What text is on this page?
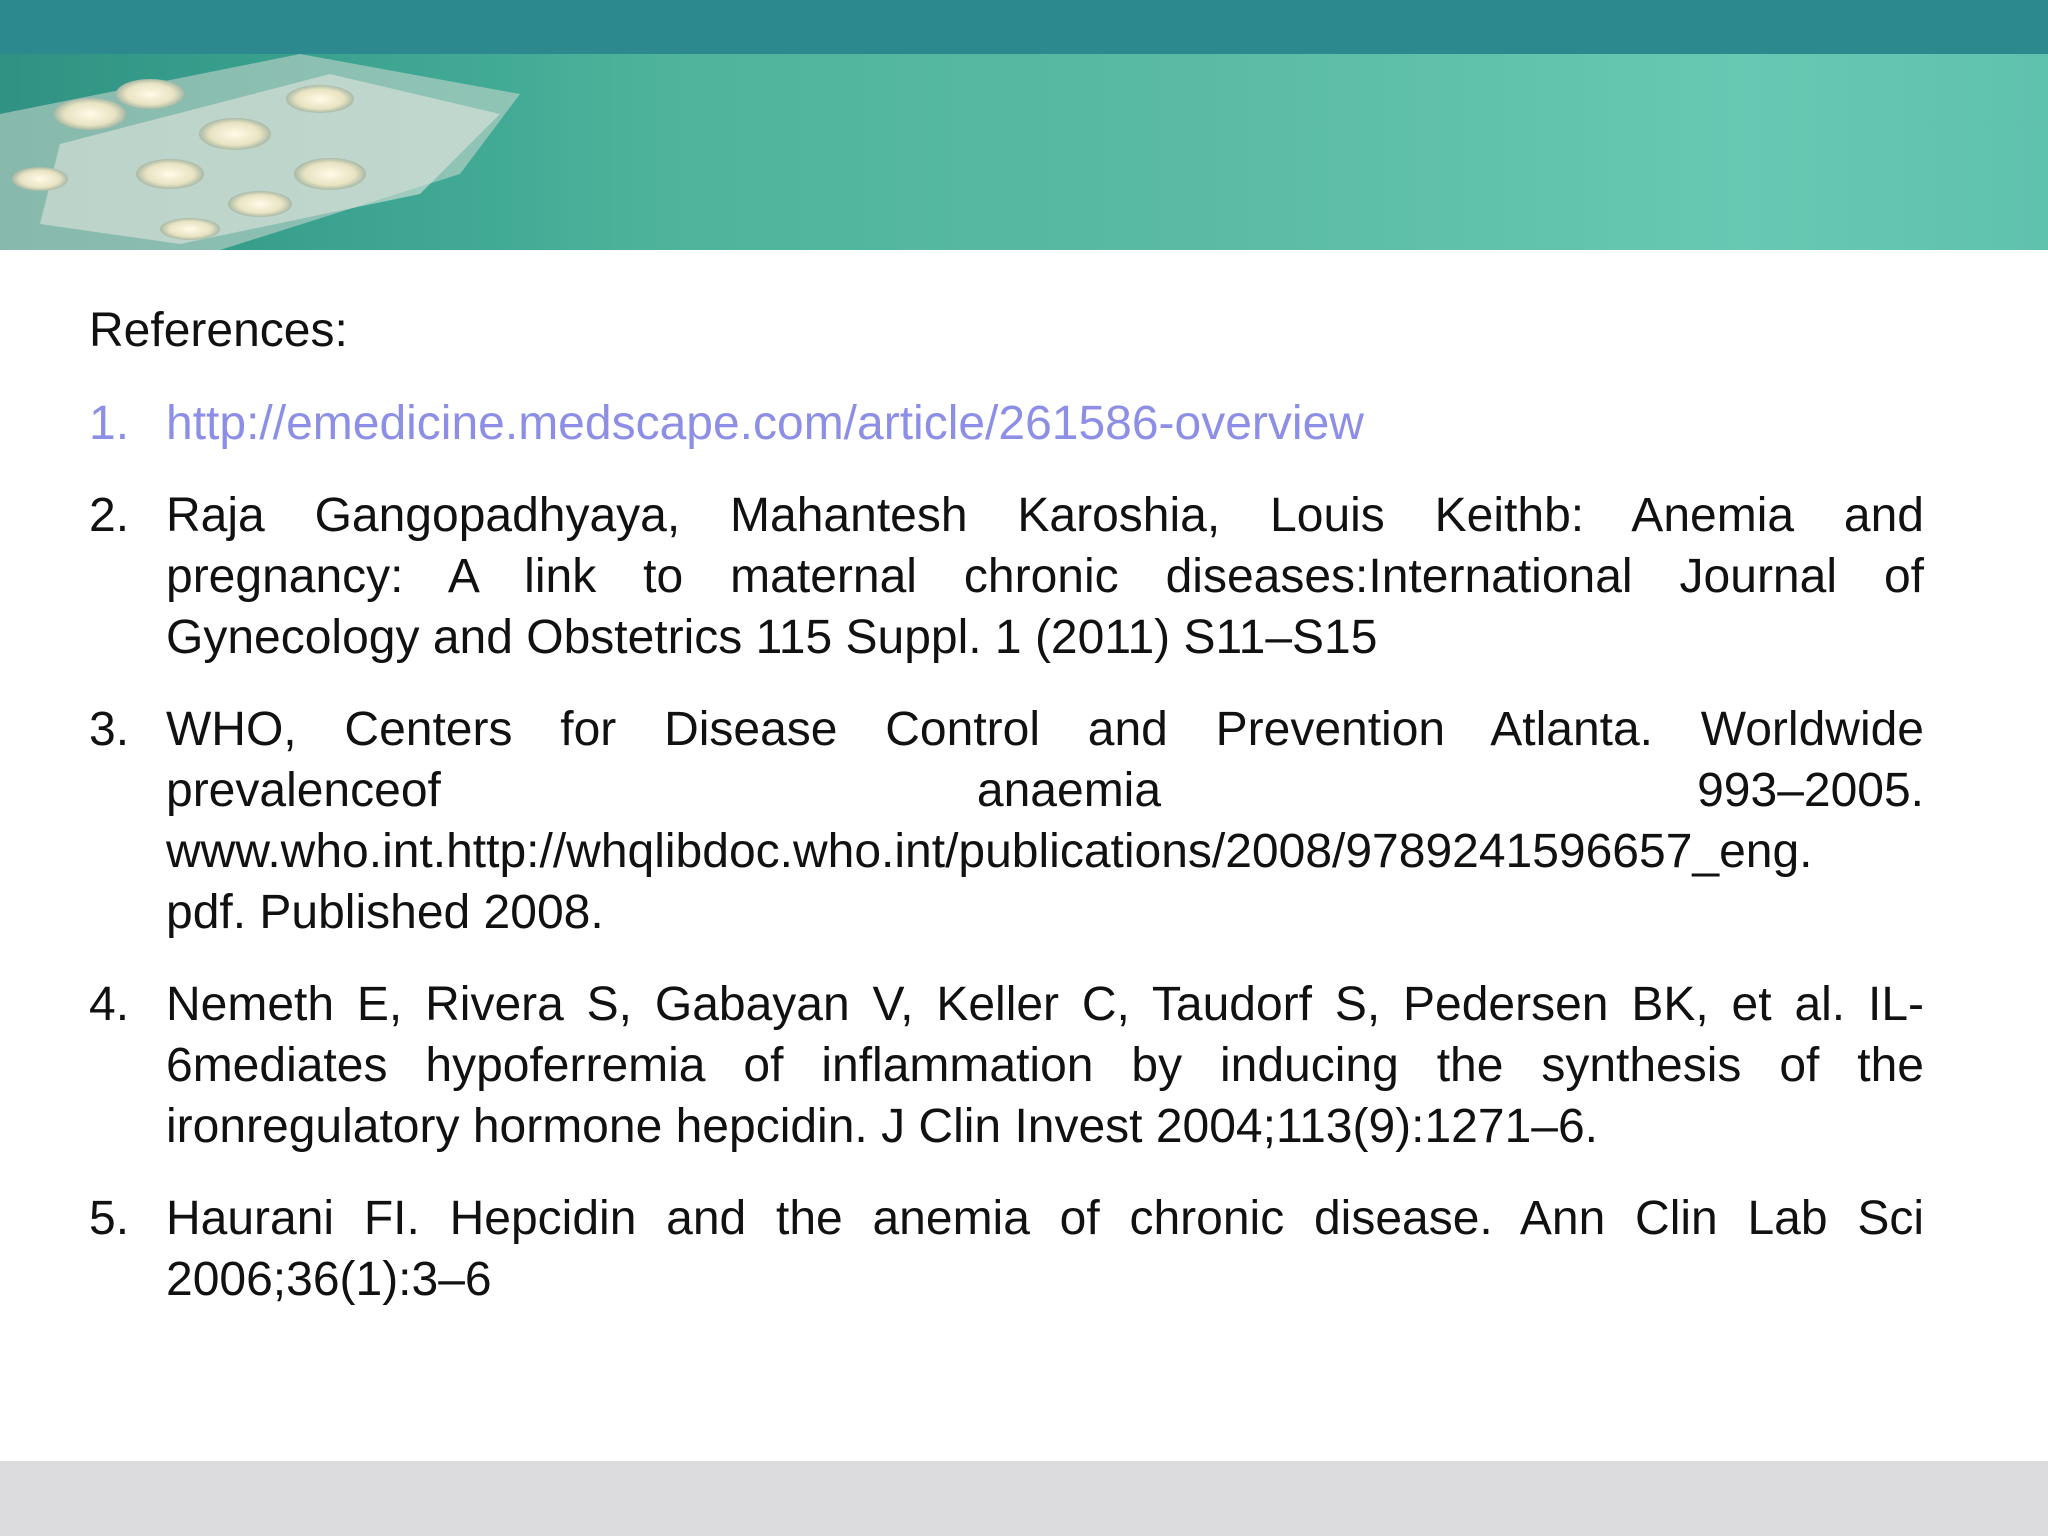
References:
1. http://emedicine.medscape.com/article/261586-overview
2. Raja Gangopadhyaya, Mahantesh Karoshia, Louis Keithb: Anemia and
pregnancy: A link to maternal chronic diseases:International Journal of
Gynecology and Obstetrics 115 Suppl. 1 (2011) S11–S15
3. WHO, Centers for Disease Control and Prevention Atlanta. Worldwide
prevalenceof anaemia 993–2005.
www.who.int.http://whqlibdoc.who.int/publications/2008/9789241596657_eng.
pdf. Published 2008.
4. Nemeth E, Rivera S, Gabayan V, Keller C, Taudorf S, Pedersen BK, et al. IL-
6mediates hypoferremia of inflammation by inducing the synthesis of the
ironregulatory hormone hepcidin. J Clin Invest 2004;113(9):1271–6.
5. Haurani FI. Hepcidin and the anemia of chronic disease. Ann Clin Lab Sci
2006;36(1):3–6
